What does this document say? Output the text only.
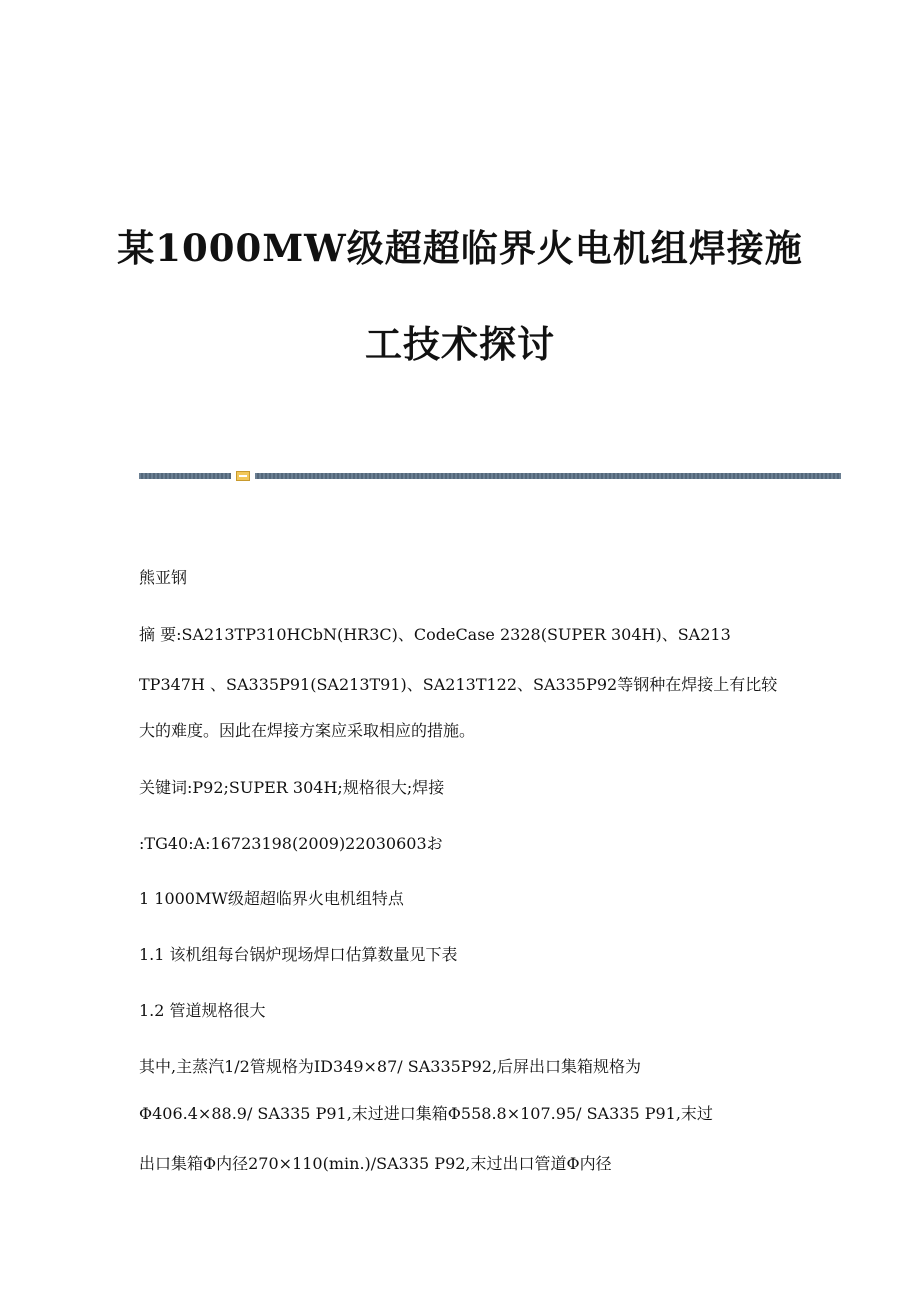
某1000MW级超超临界火电机组焊接施
工技术探讨
熊亚钢
摘 要:SA213TP310HCbN(HR3C)、CodeCase 2328(SUPER 304H)、SA213
TP347H 、SA335P91(SA213T91)、SA213T122、SA335P92等钢种在焊接上有比较
大的难度。因此在焊接方案应采取相应的措施。
关键词:P92;SUPER 304H;规格很大;焊接
:TG40:A:16723198(2009)22030603お
1 1000MW级超超临界火电机组特点
1.1 该机组每台锅炉现场焊口估算数量见下表
1.2 管道规格很大
其中,主蒸汽1/2管规格为ID349×87/ SA335P92,后屏出口集箱规格为
Φ406.4×88.9/ SA335 P91,末过进口集箱Φ558.8×107.95/ SA335 P91,末过
出口集箱Φ内径270×110(min.)/SA335 P92,末过出口管道Φ内径
